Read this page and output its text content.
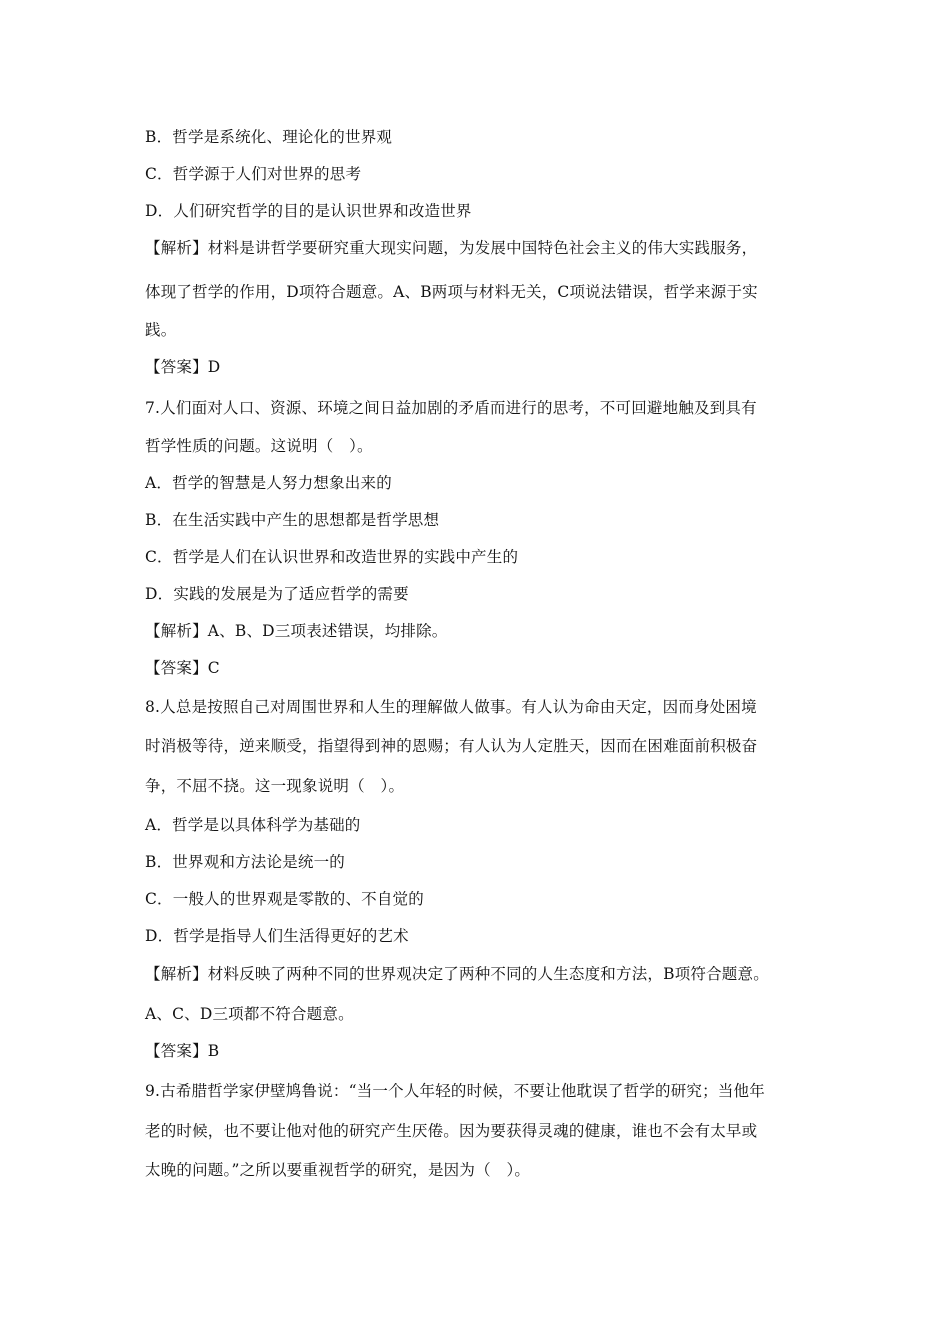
B．哲学是系统化、理论化的世界观
C．哲学源于人们对世界的思考
D．人们研究哲学的目的是认识世界和改造世界
【解析】材料是讲哲学要研究重大现实问题，为发展中国特色社会主义的伟大实践服务，
体现了哲学的作用，D项符合题意。A、B两项与材料无关，C项说法错误，哲学来源于实
践。
【答案】D
7.人们面对人口、资源、环境之间日益加剧的矛盾而进行的思考，不可回避地触及到具有
哲学性质的问题。这说明（　）。
A．哲学的智慧是人努力想象出来的
B．在生活实践中产生的思想都是哲学思想
C．哲学是人们在认识世界和改造世界的实践中产生的
D．实践的发展是为了适应哲学的需要
【解析】A、B、D三项表述错误，均排除。
【答案】C
8.人总是按照自己对周围世界和人生的理解做人做事。有人认为命由天定，因而身处困境
时消极等待，逆来顺受，指望得到神的恩赐；有人认为人定胜天，因而在困难面前积极奋
争，不屈不挠。这一现象说明（　）。
A．哲学是以具体科学为基础的
B．世界观和方法论是统一的
C．一般人的世界观是零散的、不自觉的
D．哲学是指导人们生活得更好的艺术
【解析】材料反映了两种不同的世界观决定了两种不同的人生态度和方法，B项符合题意。
A、C、D三项都不符合题意。
【答案】B
9.古希腊哲学家伊壁鸠鲁说：“当一个人年轻的时候，不要让他耽误了哲学的研究；当他年
老的时候，也不要让他对他的研究产生厌倦。因为要获得灵魂的健康，谁也不会有太早或
太晚的问题。”之所以要重视哲学的研究，是因为（　）。
